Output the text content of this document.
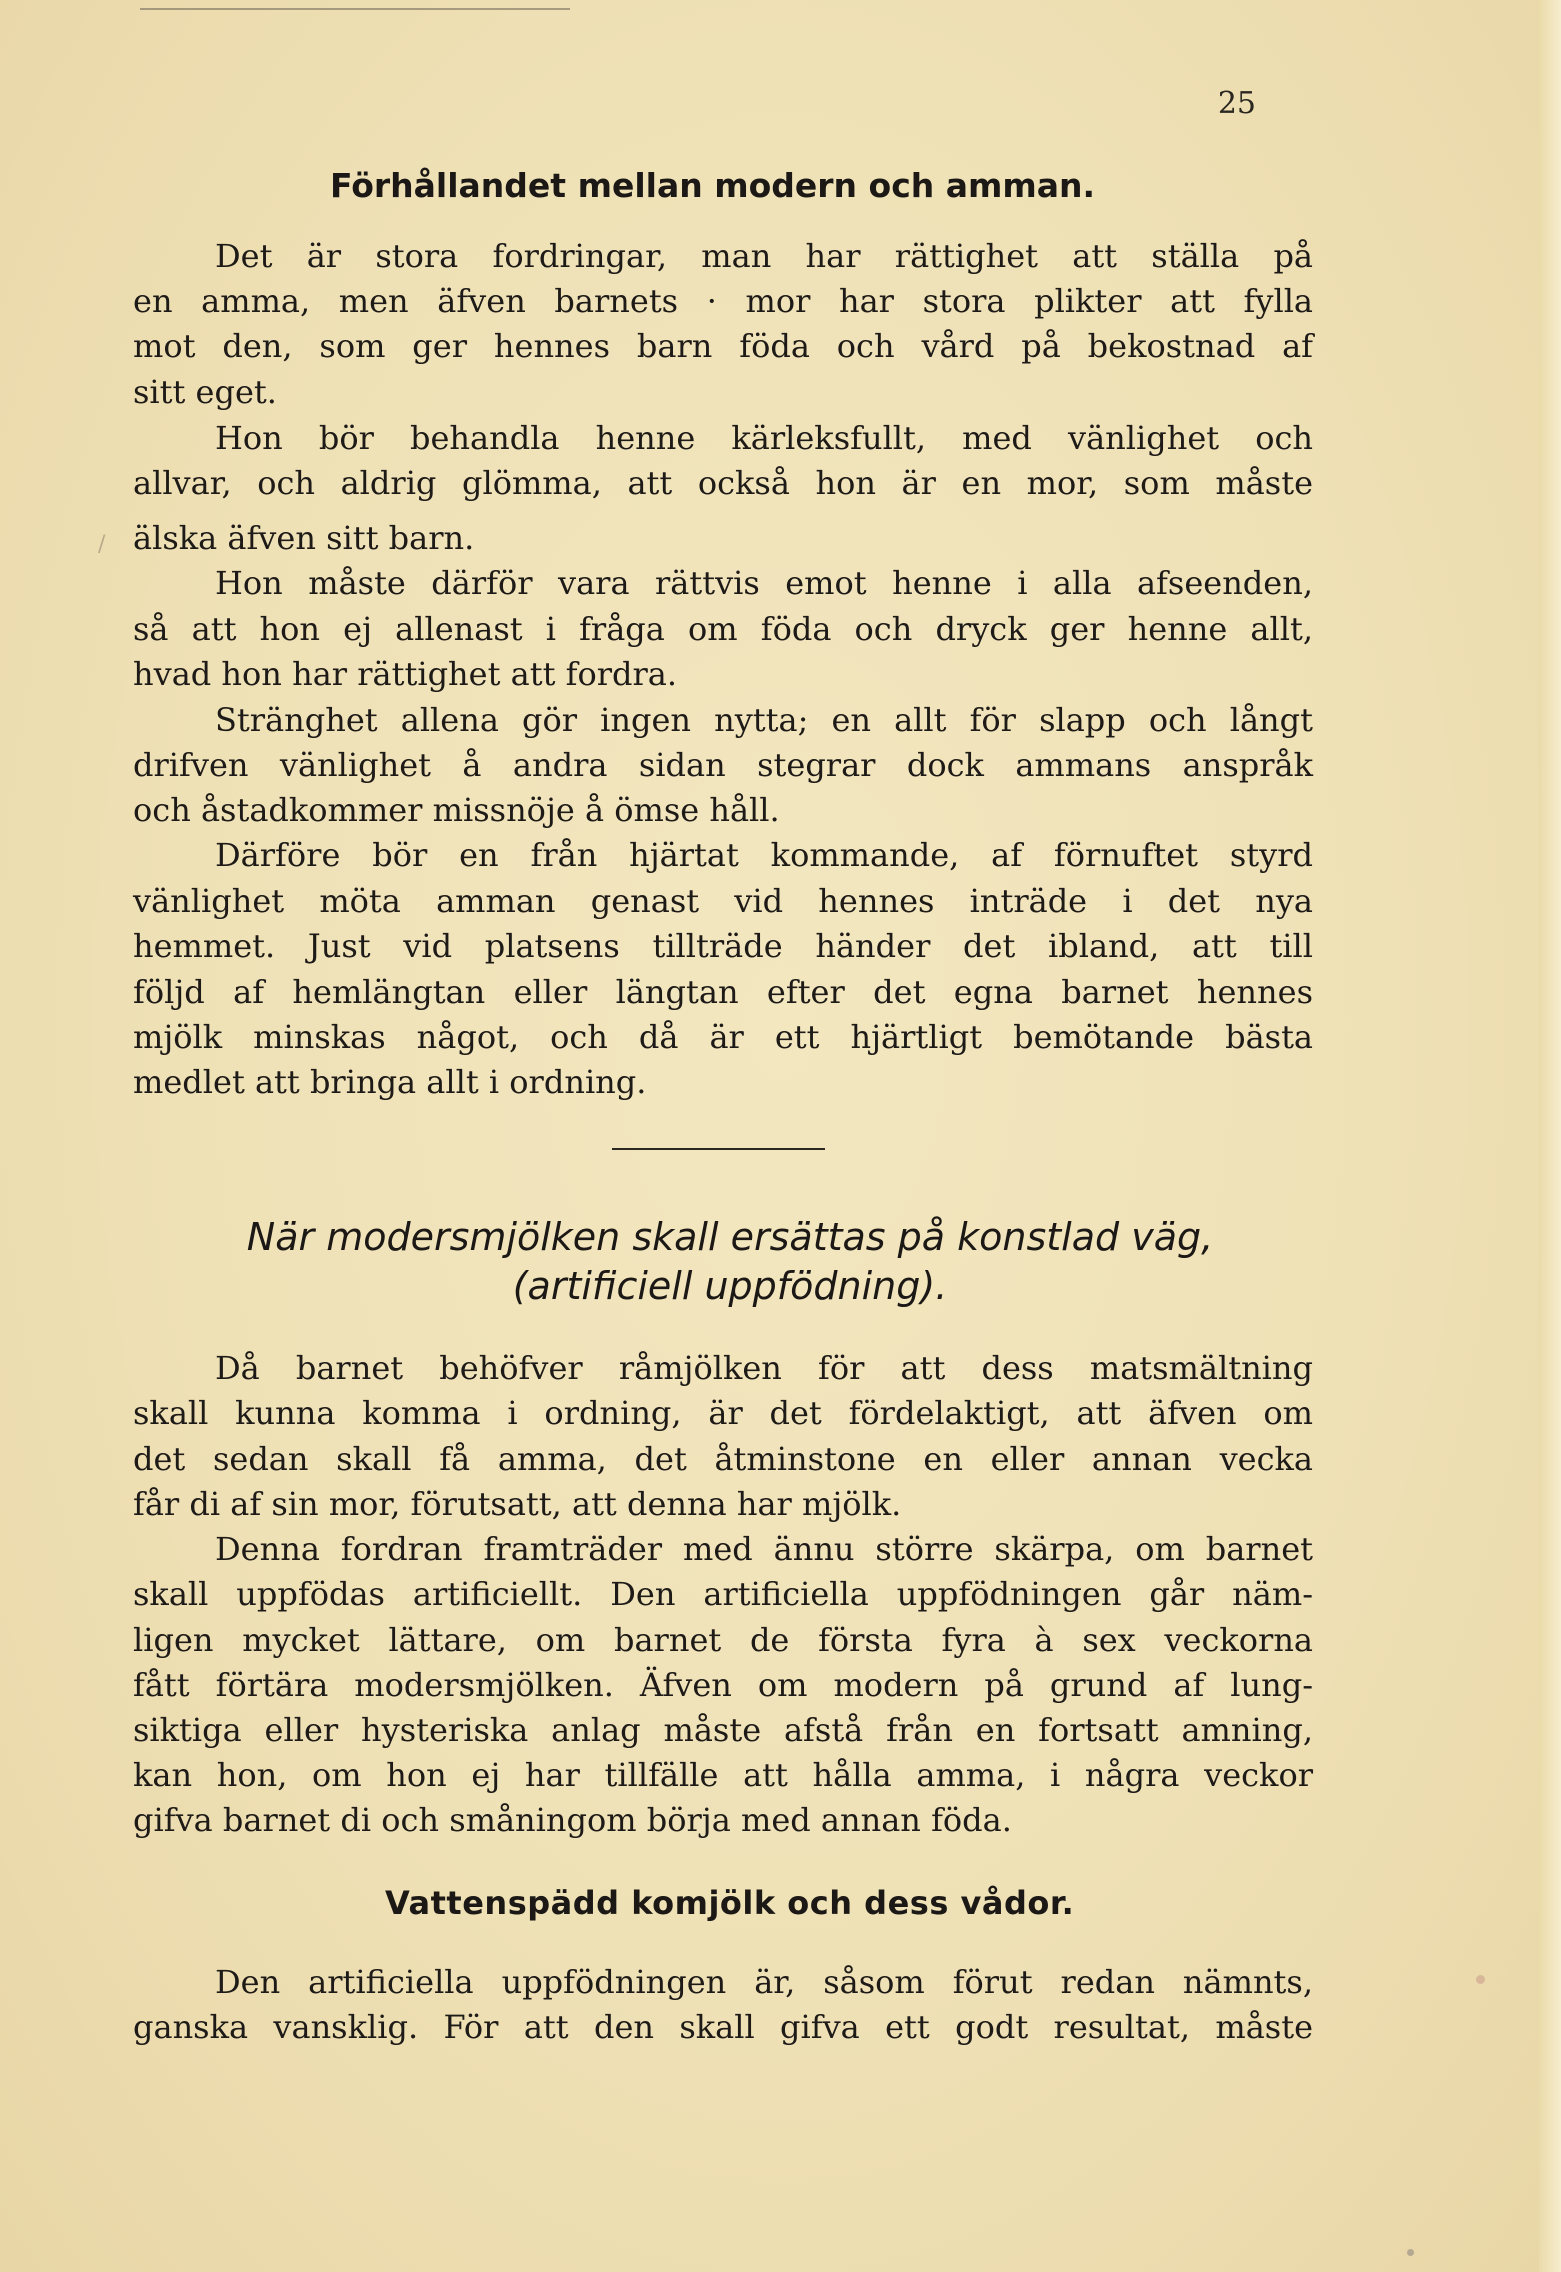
/
25
Förhållandet mellan modern och amman.
Det är stora fordringar, man har rättighet att ställa på
en amma, men äfven barnets · mor har stora plikter att fylla
mot den, som ger hennes barn föda och vård på bekostnad af
sitt eget.
Hon bör behandla henne kärleksfullt, med vänlighet och
allvar, och aldrig glömma, att också hon är en mor, som måste
älska äfven sitt barn.
Hon måste därför vara rättvis emot henne i alla afseenden,
så att hon ej allenast i fråga om föda och dryck ger henne allt,
hvad hon har rättighet att fordra.
Stränghet allena gör ingen nytta; en allt för slapp och långt
drifven vänlighet å andra sidan stegrar dock ammans anspråk
och åstadkommer missnöje å ömse håll.
Därföre bör en från hjärtat kommande, af förnuftet styrd
vänlighet möta amman genast vid hennes inträde i det nya
hemmet. Just vid platsens tillträde händer det ibland, att till
följd af hemlängtan eller längtan efter det egna barnet hennes
mjölk minskas något, och då är ett hjärtligt bemötande bästa
medlet att bringa allt i ordning.
När modersmjölken skall ersättas på konstlad väg,
(artificiell uppfödning).
Då barnet behöfver råmjölken för att dess matsmältning
skall kunna komma i ordning, är det fördelaktigt, att äfven om
det sedan skall få amma, det åtminstone en eller annan vecka
får di af sin mor, förutsatt, att denna har mjölk.
Denna fordran framträder med ännu större skärpa, om barnet
skall uppfödas artificiellt. Den artificiella uppfödningen går näm-
ligen mycket lättare, om barnet de första fyra à sex veckorna
fått förtära modersmjölken. Äfven om modern på grund af lung-
siktiga eller hysteriska anlag måste afstå från en fortsatt amning,
kan hon, om hon ej har tillfälle att hålla amma, i några veckor
gifva barnet di och småningom börja med annan föda.
Vattenspädd komjölk och dess vådor.
Den artificiella uppfödningen är, såsom förut redan nämnts,
ganska vansklig. För att den skall gifva ett godt resultat, måste
